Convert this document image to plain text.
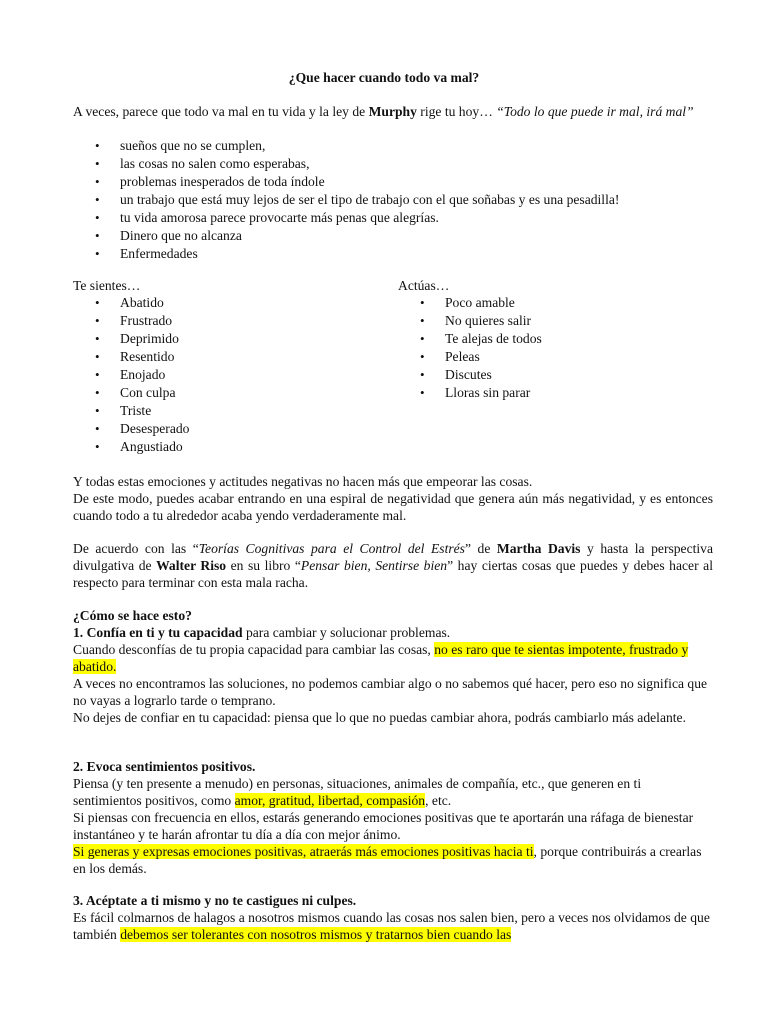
¿Que hacer cuando todo va mal?

A veces, parece que todo va mal en tu vida y la ley de Murphy rige tu hoy… “Todo lo que puede ir mal, irá mal”

• sueños que no se cumplen,
• las cosas no salen como esperabas,
• problemas inesperados de toda índole
• un trabajo que está muy lejos de ser el tipo de trabajo con el que soñabas y es una pesadilla!
• tu vida amorosa parece provocarte más penas que alegrías.
• Dinero que no alcanza
• Enfermedades

Te sientes…

• Abatido
• Frustrado
• Deprimido
• Resentido
• Enojado
• Con culpa
• Triste
• Desesperado
• Angustiado

Actúas…

• Poco amable
• No quieres salir
• Te alejas de todos
• Peleas
• Discutes
• Lloras sin parar

Y todas estas emociones y actitudes negativas no hacen más que empeorar las cosas.

De este modo, puedes acabar entrando en una espiral de negatividad que genera aún más negatividad, y es entonces cuando todo a tu alrededor acaba yendo verdaderamente mal.

De acuerdo con las “Teorías Cognitivas para el Control del Estrés” de Martha Davis y hasta la perspectiva divulgativa de Walter Riso en su libro “Pensar bien, Sentirse bien” hay ciertas cosas que puedes y debes hacer al respecto para terminar con esta mala racha.

¿Cómo se hace esto?

1. Confía en ti y tu capacidad para cambiar y solucionar problemas.

Cuando desconfías de tu propia capacidad para cambiar las cosas, no es raro que te sientas impotente, frustrado y abatido.

A veces no encontramos las soluciones, no podemos cambiar algo o no sabemos qué hacer, pero eso no significa que no vayas a lograrlo tarde o temprano.

No dejes de confiar en tu capacidad: piensa que lo que no puedas cambiar ahora, podrás cambiarlo más adelante.

2. Evoca sentimientos positivos.

Piensa (y ten presente a menudo) en personas, situaciones, animales de compañía, etc., que generen en ti sentimientos positivos, como amor, gratitud, libertad, compasión, etc.

Si piensas con frecuencia en ellos, estarás generando emociones positivas que te aportarán una ráfaga de bienestar instantáneo y te harán afrontar tu día a día con mejor ánimo.

Si generas y expresas emociones positivas, atraerás más emociones positivas hacia ti, porque contribuirás a crearlas en los demás.

3. Acéptate a ti mismo y no te castigues ni culpes.

Es fácil colmarnos de halagos a nosotros mismos cuando las cosas nos salen bien, pero a veces nos olvidamos de que también debemos ser tolerantes con nosotros mismos y tratarnos bien cuando las
